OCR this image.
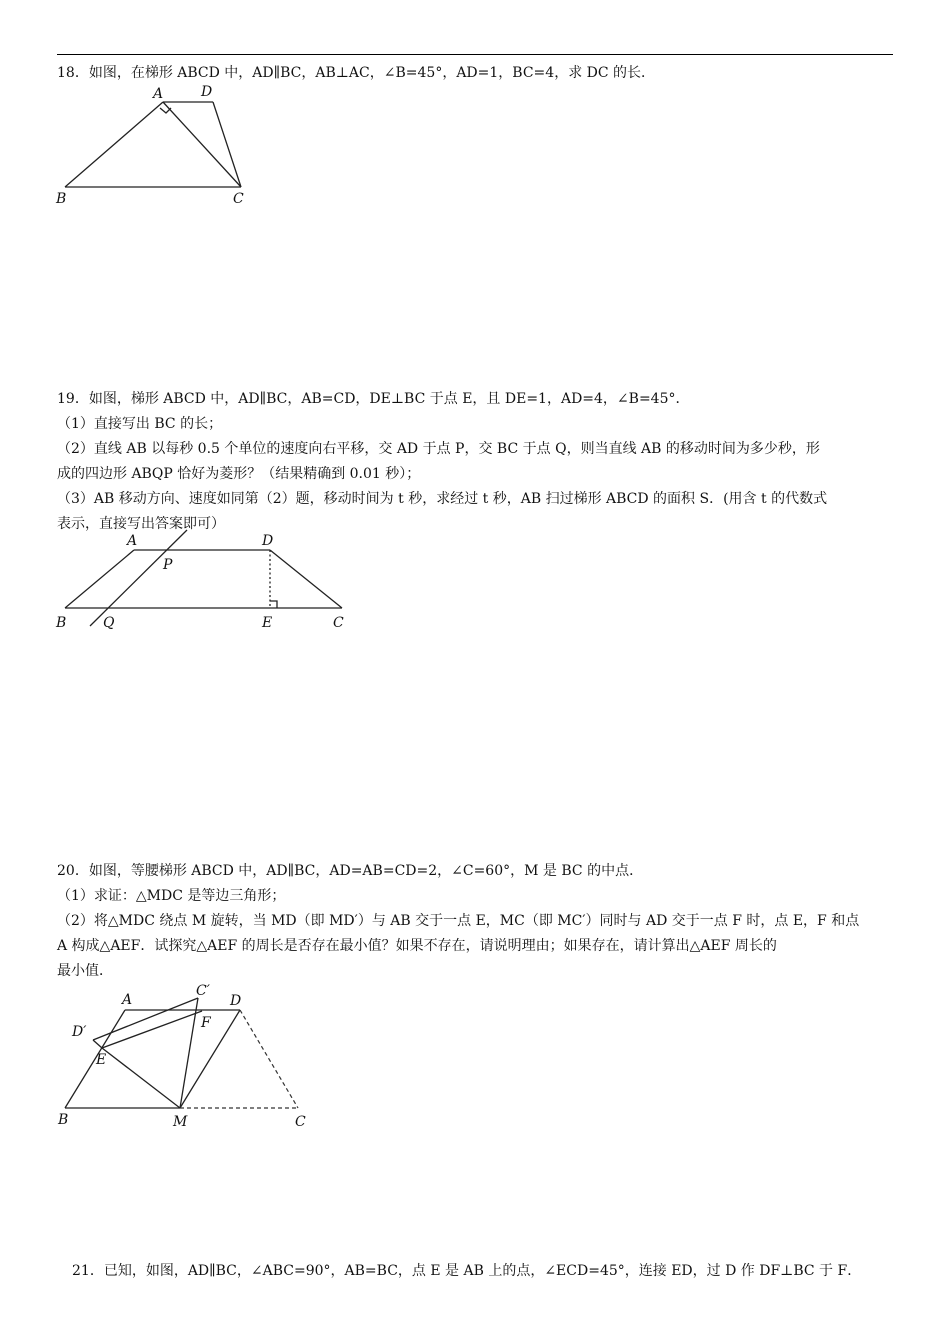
18．如图，在梯形 ABCD 中，AD∥BC，AB⊥AC，∠B=45°，AD=1，BC=4，求 DC 的长．
A	D
B	C
19．如图，梯形 ABCD 中，AD∥BC，AB=CD，DE⊥BC 于点 E，且 DE=1，AD=4，∠B=45°．
（1）直接写出 BC 的长；
（2）直线 AB 以每秒 0.5 个单位的速度向右平移，交 AD 于点 P，交 BC 于点 Q，则当直线 AB 的移动时间为多少秒，形
成的四边形 ABQP 恰好为菱形？（结果精确到 0.01 秒）；
（3）AB 移动方向、速度如同第（2）题，移动时间为 t 秒，求经过 t 秒，AB 扫过梯形 ABCD 的面积 S．(用含 t 的代数式
表示，直接写出答案即可）
A	D
P
B	Q	E	C
20．如图，等腰梯形 ABCD 中，AD∥BC，AD=AB=CD=2，∠C=60°，M 是 BC 的中点．
（1）求证：△MDC 是等边三角形；
（2）将△MDC 绕点 M 旋转，当 MD（即 MD′）与 AB 交于一点 E，MC（即 MC′）同时与 AD 交于一点 F 时，点 E，F 和点
A 构成△AEF．试探究△AEF 的周长是否存在最小值？如果不存在，请说明理由；如果存在，请计算出△AEF 周长的
最小值．
A
C′
D
D′
F
E
B	M	C
21．已知，如图，AD∥BC，∠ABC=90°，AB=BC，点 E 是 AB 上的点，∠ECD=45°，连接 ED，过 D 作 DF⊥BC 于 F．
